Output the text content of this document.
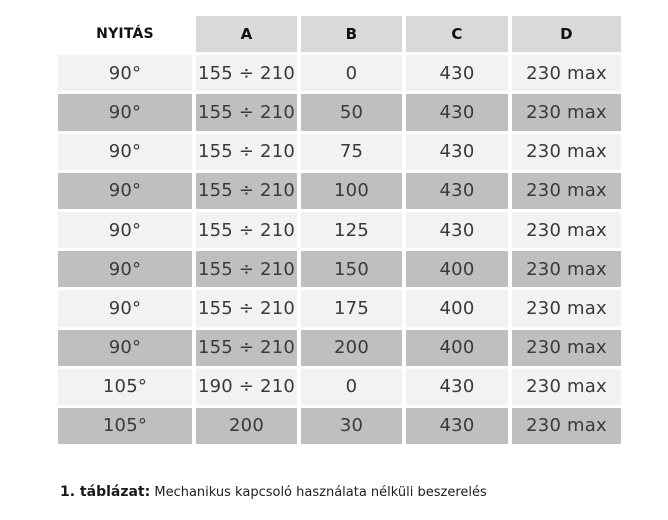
NYITÁS	A	B	C	D
90°	155 ÷ 210	0	430	230 max
90°	155 ÷ 210	50	430	230 max
90°	155 ÷ 210	75	430	230 max
90°	155 ÷ 210	100	430	230 max
90°	155 ÷ 210	125	430	230 max
90°	155 ÷ 210	150	400	230 max
90°	155 ÷ 210	175	400	230 max
90°	155 ÷ 210	200	400	230 max
105°	190 ÷ 210	0	430	230 max
105°	200	30	430	230 max
1. táblázat: Mechanikus kapcsoló használata nélküli beszerelés
